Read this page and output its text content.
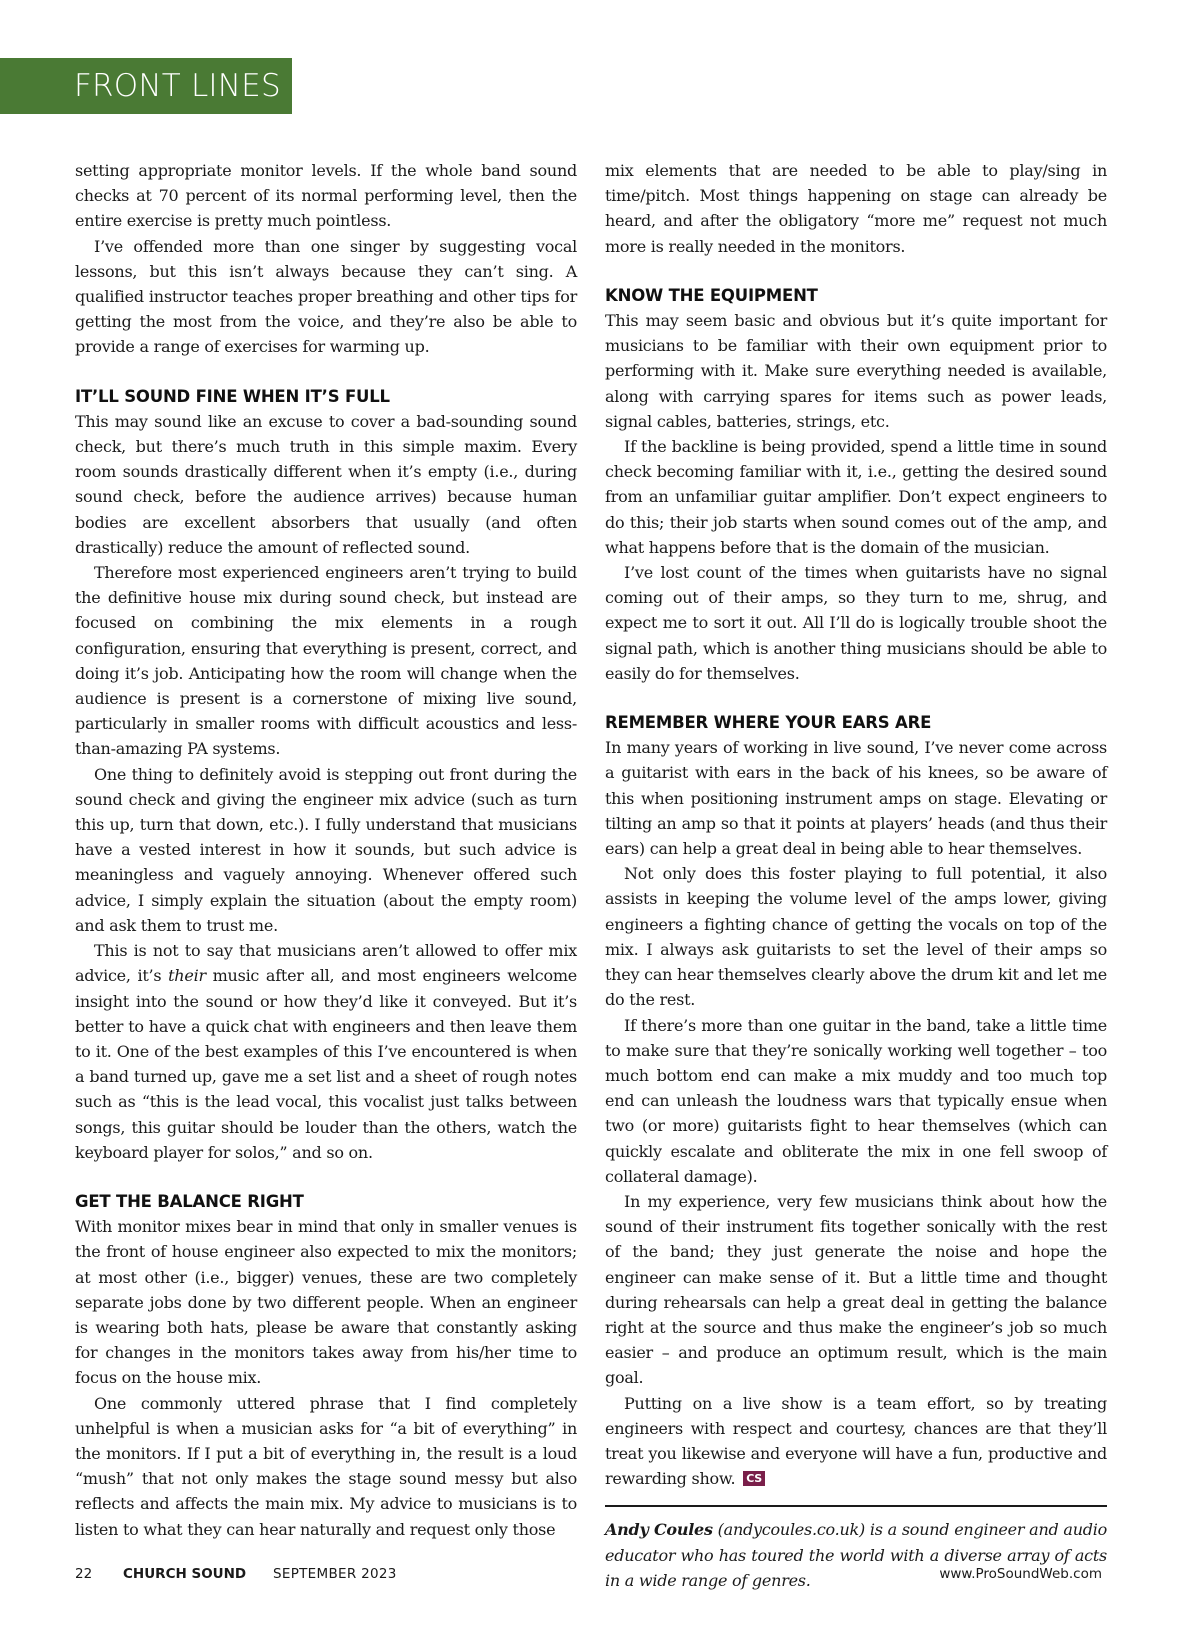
FRONT LINES

setting appropriate monitor levels. If the whole band sound checks at 70 percent of its normal performing level, then the entire exercise is pretty much pointless.

I’ve offended more than one singer by suggesting vocal lessons, but this isn’t always because they can’t sing. A qualified instructor teaches proper breathing and other tips for getting the most from the voice, and they’re also be able to provide a range of exercises for warming up.

IT’LL SOUND FINE WHEN IT’S FULL

This may sound like an excuse to cover a bad-sounding sound check, but there’s much truth in this simple maxim. Every room sounds drastically different when it’s empty (i.e., during sound check, before the audience arrives) because human bodies are excellent absorbers that usually (and often drastically) reduce the amount of reflected sound.

Therefore most experienced engineers aren’t trying to build the definitive house mix during sound check, but instead are focused on combining the mix elements in a rough configuration, ensuring that everything is present, correct, and doing it’s job. Anticipating how the room will change when the audience is present is a cornerstone of mixing live sound, particularly in smaller rooms with difficult acoustics and less-than-amazing PA systems.

One thing to definitely avoid is stepping out front during the sound check and giving the engineer mix advice (such as turn this up, turn that down, etc.). I fully understand that musicians have a vested interest in how it sounds, but such advice is meaningless and vaguely annoying. Whenever offered such advice, I simply explain the situation (about the empty room) and ask them to trust me.

This is not to say that musicians aren’t allowed to offer mix advice, it’s their music after all, and most engineers welcome insight into the sound or how they’d like it conveyed. But it’s better to have a quick chat with engineers and then leave them to it. One of the best examples of this I’ve encountered is when a band turned up, gave me a set list and a sheet of rough notes such as “this is the lead vocal, this vocalist just talks between songs, this guitar should be louder than the others, watch the keyboard player for solos,” and so on.

GET THE BALANCE RIGHT

With monitor mixes bear in mind that only in smaller venues is the front of house engineer also expected to mix the monitors; at most other (i.e., bigger) venues, these are two completely separate jobs done by two different people. When an engineer is wearing both hats, please be aware that constantly asking for changes in the monitors takes away from his/her time to focus on the house mix.

One commonly uttered phrase that I find completely unhelpful is when a musician asks for “a bit of everything” in the monitors. If I put a bit of everything in, the result is a loud “mush” that not only makes the stage sound messy but also reflects and affects the main mix. My advice to musicians is to listen to what they can hear naturally and request only those

mix elements that are needed to be able to play/sing in time/pitch. Most things happening on stage can already be heard, and after the obligatory “more me” request not much more is really needed in the monitors.

KNOW THE EQUIPMENT

This may seem basic and obvious but it’s quite important for musicians to be familiar with their own equipment prior to performing with it. Make sure everything needed is available, along with carrying spares for items such as power leads, signal cables, batteries, strings, etc.

If the backline is being provided, spend a little time in sound check becoming familiar with it, i.e., getting the desired sound from an unfamiliar guitar amplifier. Don’t expect engineers to do this; their job starts when sound comes out of the amp, and what happens before that is the domain of the musician.

I’ve lost count of the times when guitarists have no signal coming out of their amps, so they turn to me, shrug, and expect me to sort it out. All I’ll do is logically trouble shoot the signal path, which is another thing musicians should be able to easily do for themselves.

REMEMBER WHERE YOUR EARS ARE

In many years of working in live sound, I’ve never come across a guitarist with ears in the back of his knees, so be aware of this when positioning instrument amps on stage. Elevating or tilting an amp so that it points at players’ heads (and thus their ears) can help a great deal in being able to hear themselves.

Not only does this foster playing to full potential, it also assists in keeping the volume level of the amps lower, giving engineers a fighting chance of getting the vocals on top of the mix. I always ask guitarists to set the level of their amps so they can hear themselves clearly above the drum kit and let me do the rest.

If there’s more than one guitar in the band, take a little time to make sure that they’re sonically working well together – too much bottom end can make a mix muddy and too much top end can unleash the loudness wars that typically ensue when two (or more) guitarists fight to hear themselves (which can quickly escalate and obliterate the mix in one fell swoop of collateral damage).

In my experience, very few musicians think about how the sound of their instrument fits together sonically with the rest of the band; they just generate the noise and hope the engineer can make sense of it. But a little time and thought during rehearsals can help a great deal in getting the balance right at the source and thus make the engineer’s job so much easier – and produce an optimum result, which is the main goal.

Putting on a live show is a team effort, so by treating engineers with respect and courtesy, chances are that they’ll treat you likewise and everyone will have a fun, productive and rewarding show. CS

Andy Coules (andycoules.co.uk) is a sound engineer and audio educator who has toured the world with a diverse array of acts in a wide range of genres.

22 CHURCH SOUND SEPTEMBER 2023	www.ProSoundWeb.com
